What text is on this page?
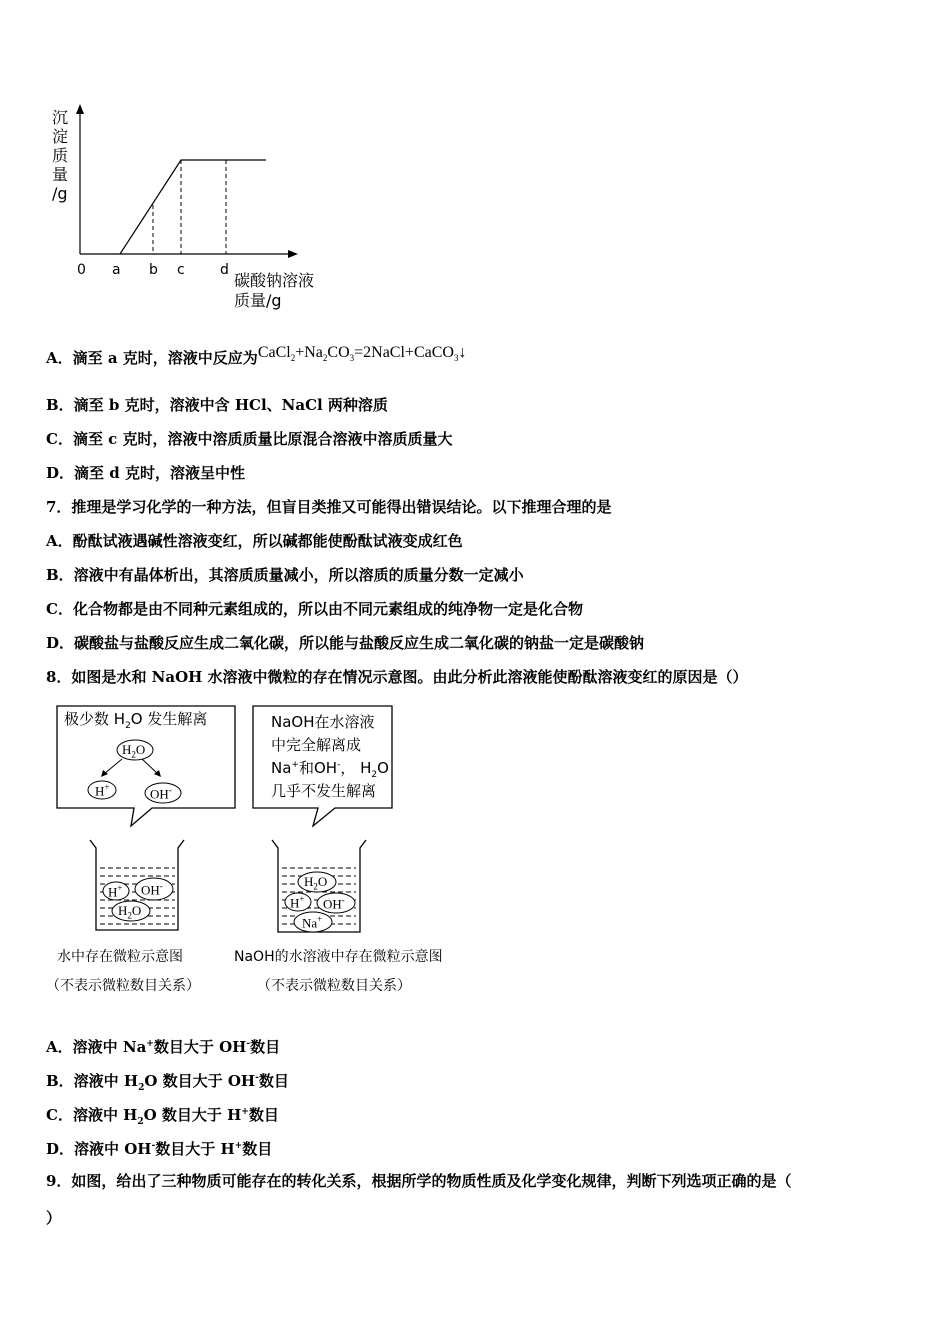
沉
淀
质
量
/g
0 a b c	d
碳酸钠溶液
质量/g
A．滴至 a 克时，溶液中反应为$CaCl_2+Na_2CO_3=2NaCl+CaCO_3↓$
B．滴至 b 克时，溶液中含 HCl、NaCl 两种溶质
C．滴至 c 克时，溶液中溶质质量比原混合溶液中溶质质量大
D．滴至 d 克时，溶液呈中性
7．推理是学习化学的一种方法，但盲目类推又可能得出错误结论。以下推理合理的是
A．酚酞试液遇碱性溶液变红，所以碱都能使酚酞试液变成红色
B．溶液中有晶体析出，其溶质质量减小，所以溶质的质量分数一定减小
C．化合物都是由不同种元素组成的，所以由不同元素组成的纯净物一定是化合物
D．碳酸盐与盐酸反应生成二氧化碳，所以能与盐酸反应生成二氧化碳的钠盐一定是碳酸钠
8．如图是水和 NaOH 水溶液中微粒的存在情况示意图。由此分析此溶液能使酚酞溶液变红的原因是（）
极少数 $H_2O$ 发生解离
$H_2O$
H+	OH-
NaOH在水溶液
中完全解离成
Na+和OH-， $H_2O$
几乎不发生解离
H+ OH-
$H_2O$
$H_2O$
H+ OH-
Na+
水中存在微粒示意图
（不表示微粒数目关系）
NaOH的水溶液中存在微粒示意图
（不表示微粒数目关系）
A．溶液中 Na+数目大于 OH-数目
B．溶液中 $H_2O$ 数目大于 OH-数目
C．溶液中 $H_2O$ 数目大于 H+数目
D．溶液中 OH-数目大于 H+数目
9．如图，给出了三种物质可能存在的转化关系，根据所学的物质性质及化学变化规律，判断下列选项正确的是（
）
